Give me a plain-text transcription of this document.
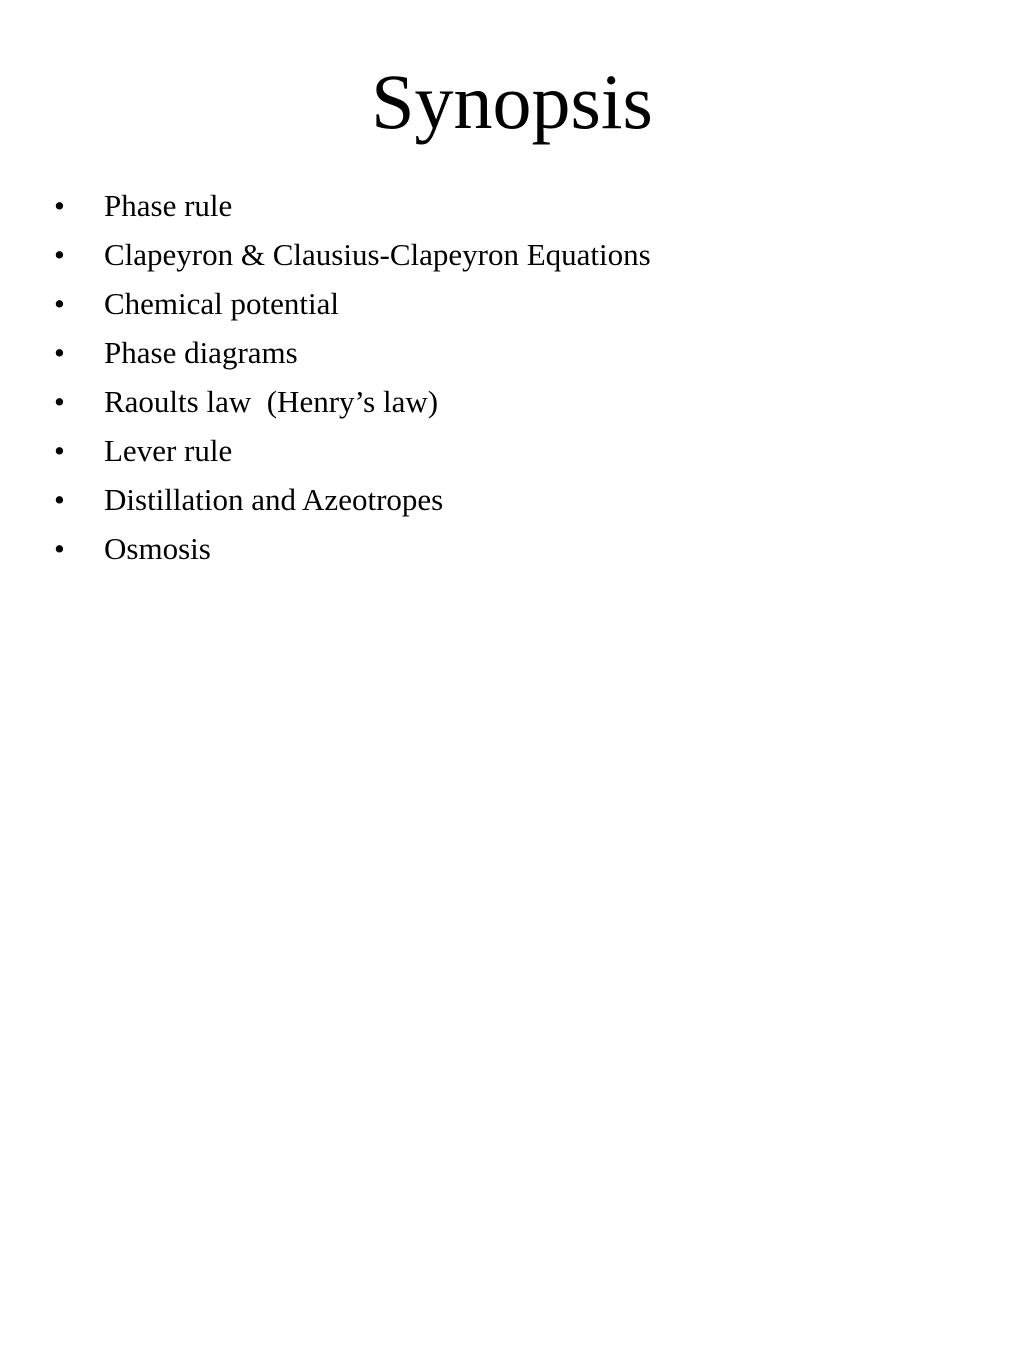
Synopsis
• Phase rule
• Clapeyron & Clausius-Clapeyron Equations
• Chemical potential
• Phase diagrams
• Raoults law  (Henry’s law)
• Lever rule
• Distillation and Azeotropes
• Osmosis
